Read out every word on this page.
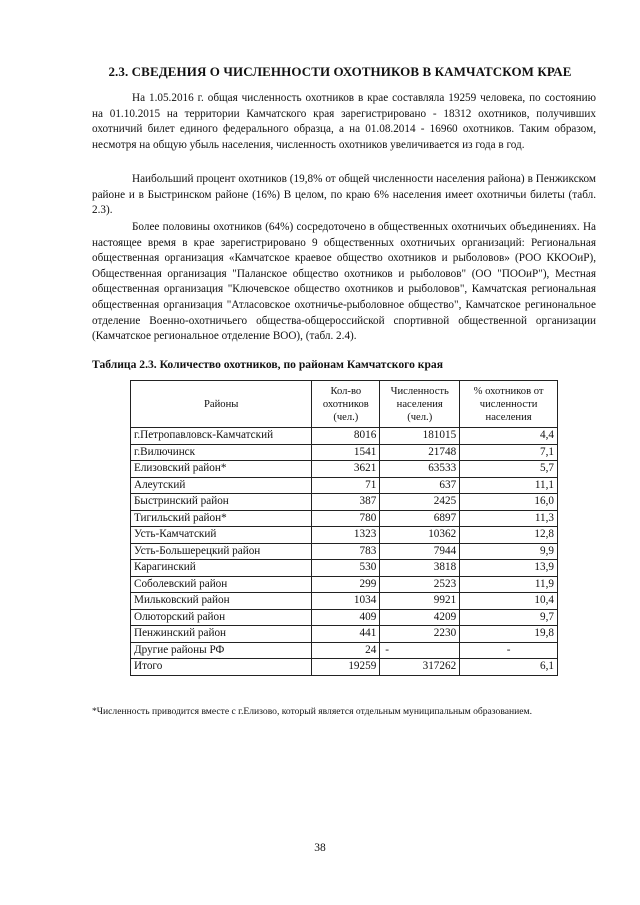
2.3. СВЕДЕНИЯ О ЧИСЛЕННОСТИ ОХОТНИКОВ В КАМЧАТСКОМ КРАЕ

На 1.05.2016 г. общая численность охотников в крае составляла 19259 человека, по состоянию на 01.10.2015 на территории Камчатского края зарегистрировано - 18312 охотников, получивших охотничий билет единого федерального образца, а на 01.08.2014 - 16960 охотников. Таким образом, несмотря на общую убыль населения, численность охотников увеличивается из года в год.

Наибольший процент охотников (19,8% от общей численности населения района) в Пенжикском районе и в Быстринском районе (16%) В целом, по краю 6% населения имеет охотничьи билеты (табл. 2.3).

Более половины охотников (64%) сосредоточено в общественных охотничьих объединениях. На настоящее время в крае зарегистрировано 9 общественных охотничьих организаций: Региональная общественная организация «Камчатское краевое общество охотников и рыболовов» (РОО ККООиР), Общественная организация "Паланское общество охотников и рыболовов" (ОО "ПООиР"), Местная общественная организация "Ключевское общество охотников и рыболовов", Камчатская региональная общественная организация "Атласовское охотничье-рыболовное общество", Камчатское регинональное отделение Военно-охотничьего общества-общероссийской спортивной общественной организации (Камчатское региональное отделение ВОО), (табл. 2.4).

Таблица 2.3. Количество охотников, по районам Камчатского края

Районы	Кол-во охотников (чел.)	Численность населения (чел.)	% охотников от численности населения
г.Петропавловск-Камчатский	8016	181015	4,4
г.Вилючинск	1541	21748	7,1
Елизовский район*	3621	63533	5,7
Алеутский	71	637	11,1
Быстринский район	387	2425	16,0
Тигильский район*	780	6897	11,3
Усть-Камчатский	1323	10362	12,8
Усть-Большерецкий район	783	7944	9,9
Карагинский	530	3818	13,9
Соболевский район	299	2523	11,9
Мильковский район	1034	9921	10,4
Олюторский район	409	4209	9,7
Пенжинский район	441	2230	19,8
Другие районы РФ	24	-	-
Итого	19259	317262	6,1

*Численность приводится вместе с г.Елизово, который является отдельным муниципальным образованием.

38
